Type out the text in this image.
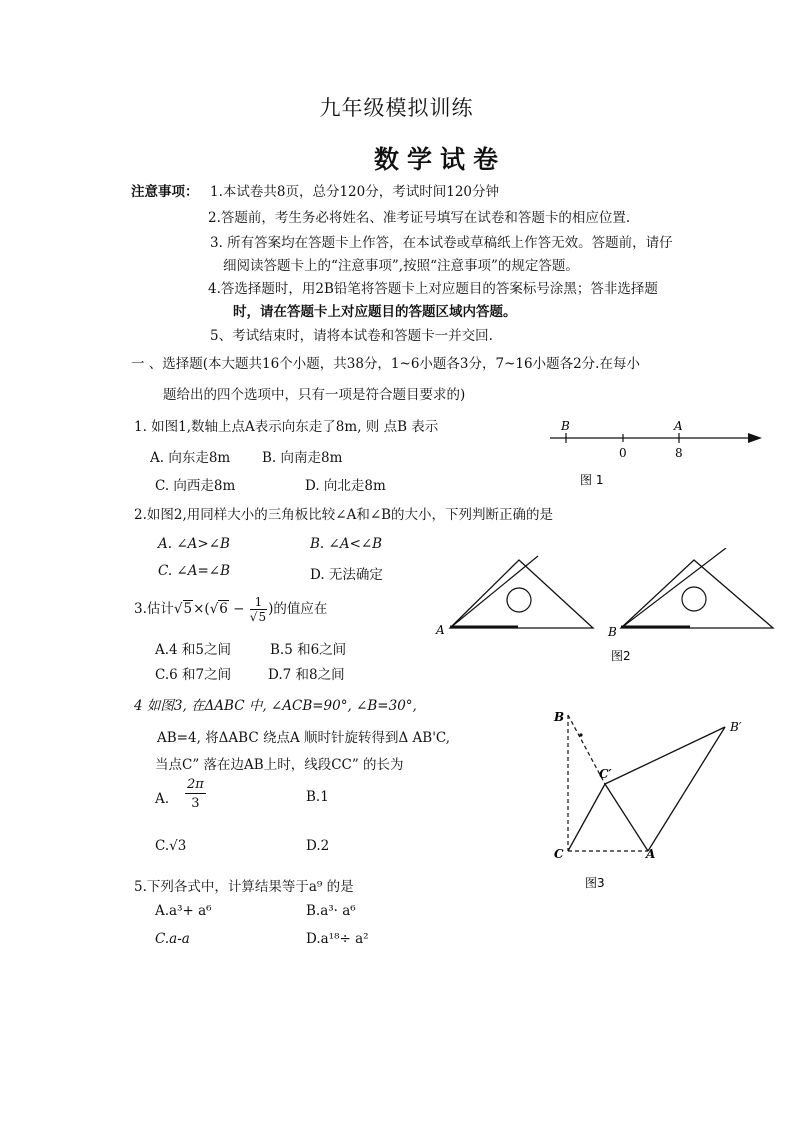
九年级模拟训练
数学试卷
注意事项： 1.本试卷共8页，总分120分，考试时间120分钟
2.答题前，考生务必将姓名、准考证号填写在试卷和答题卡的相应位置.
3. 所有答案均在答题卡上作答，在本试卷或草稿纸上作答无效。答题前，请仔
细阅读答题卡上的“注意事项”,按照“注意事项”的规定答题。
4.答选择题时，用2B铅笔将答题卡上对应题目的答案标号涂黑；答非选择题
时，请在答题卡上对应题目的答题区域内答题。
5、考试结束时，请将本试卷和答题卡一并交回.
一 、选择题(本大题共16个小题，共38分，1~6小题各3分，7~16小题各2分.在每小
题给出的四个选项中，只有一项是符合题目要求的)
1. 如图1,数轴上点A表示向东走了8m, 则 点B 表示
A. 向东走8m B. 向南走8m
C. 向西走8m	D. 向北走8m
B	A
0	8
图 1
2.如图2,用同样大小的三角板比较∠A和∠B的大小，下列判断正确的是
A. ∠A>∠B	B. ∠A<∠B
C. ∠A=∠B	D. 无法确定
A	B
图2
3.估计$√5\times(√6 - \frac{1}{√5}$ )的值应在
A.4 和5之间	B.5 和6之间
C.6 和7之间	D.7 和8之间
4 如图3, 在ΔABC 中, ∠ACB=90°, ∠B=30°,
AB=4, 将ΔABC 绕点A 顺时针旋转得到Δ AB'C,
当点C” 落在边AB上时，线段CC” 的长为
A. $\frac{2\pi}{3}$	B.1
C.√3	D.2
B
B′
C′
C	A
图3
5.下列各式中，计算结果等于a⁹ 的是
A.a³+ a⁶	B.a³· a⁶
C.a-a	D.a¹⁸÷ a²
